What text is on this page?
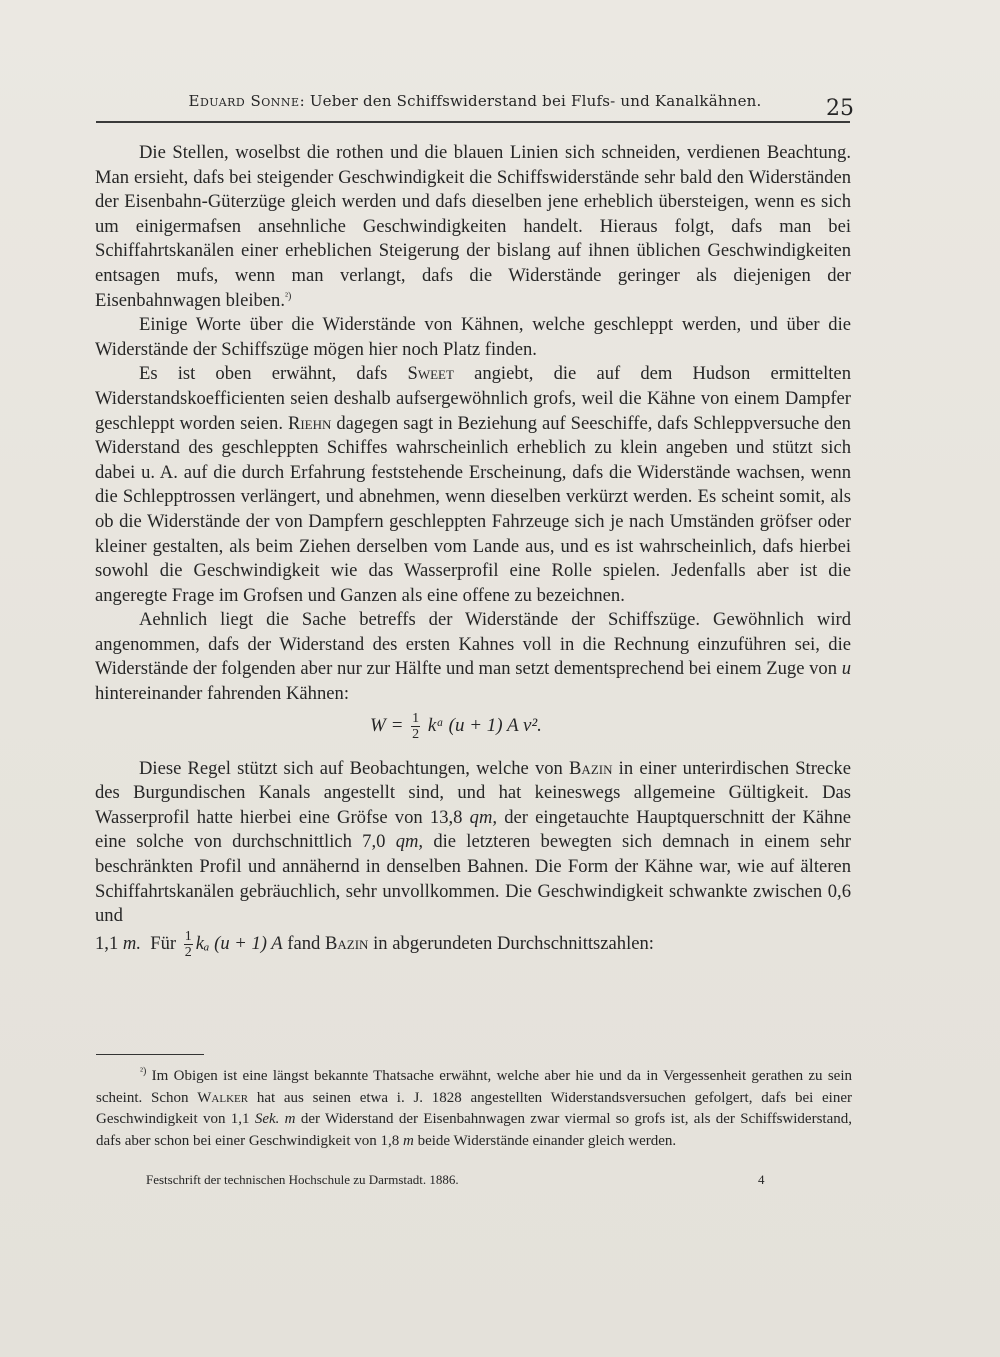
Eduard Sonne: Ueber den Schiffswiderstand bei Flufs- und Kanalkähnen.	25

Die Stellen, woselbst die rothen und die blauen Linien sich schneiden, verdienen Beachtung. Man ersieht, dafs bei steigender Geschwindigkeit die Schiffswiderstände sehr bald den Widerständen der Eisenbahn-Güterzüge gleich werden und dafs dieselben jene erheblich übersteigen, wenn es sich um einigermafsen ansehnliche Geschwindigkeiten handelt. Hieraus folgt, dafs man bei Schiffahrtskanälen einer erheblichen Steigerung der bislang auf ihnen üblichen Geschwindigkeiten entsagen mufs, wenn man verlangt, dafs die Widerstände geringer als diejenigen der Eisenbahnwagen bleiben.$^{^2)}$

Einige Worte über die Widerstände von Kähnen, welche geschleppt werden, und über die Widerstände der Schiffszüge mögen hier noch Platz finden.

Es ist oben erwähnt, dafs Sweet angiebt, die auf dem Hudson ermittelten Widerstandskoefficienten seien deshalb aufsergewöhnlich grofs, weil die Kähne von einem Dampfer geschleppt worden seien. Riehn dagegen sagt in Beziehung auf Seeschiffe, dafs Schleppversuche den Widerstand des geschleppten Schiffes wahrscheinlich erheblich zu klein angeben und stützt sich dabei u. A. auf die durch Erfahrung feststehende Erscheinung, dafs die Widerstände wachsen, wenn die Schlepptrossen verlängert, und abnehmen, wenn dieselben verkürzt werden. Es scheint somit, als ob die Widerstände der von Dampfern geschleppten Fahrzeuge sich je nach Umständen gröfser oder kleiner gestalten, als beim Ziehen derselben vom Lande aus, und es ist wahrscheinlich, dafs hierbei sowohl die Geschwindigkeit wie das Wasserprofil eine Rolle spielen. Jedenfalls aber ist die angeregte Frage im Grofsen und Ganzen als eine offene zu bezeichnen.

Aehnlich liegt die Sache betreffs der Widerstände der Schiffszüge. Gewöhnlich wird angenommen, dafs der Widerstand des ersten Kahnes voll in die Rechnung einzuführen sei, die Widerstände der folgenden aber nur zur Hälfte und man setzt dementsprechend bei einem Zuge von u hintereinander fahrenden Kähnen:

$W = \frac{1}{2}$ kᵃ (u + 1) A v².

Diese Regel stützt sich auf Beobachtungen, welche von Bazin in einer unterirdischen Strecke des Burgundischen Kanals angestellt sind, und hat keineswegs allgemeine Gültigkeit. Das Wasserprofil hatte hierbei eine Gröfse von 13,8 qm, der eingetauchte Hauptquerschnitt der Kähne eine solche von durchschnittlich 7,0 qm, die letzteren bewegten sich demnach in einem sehr beschränkten Profil und annähernd in denselben Bahnen. Die Form der Kähne war, wie auf älteren Schiffahrtskanälen gebräuchlich, sehr unvollkommen. Die Geschwindigkeit schwankte zwischen 0,6 und

1,1 m. Für $\frac{1}{2}$ kₐ (u + 1) A fand Bazin in abgerundeten Durchschnittszahlen:

$^{^2)}$ Im Obigen ist eine längst bekannte Thatsache erwähnt, welche aber hie und da in Vergessenheit gerathen zu sein scheint. Schon Walker hat aus seinen etwa i. J. 1828 angestellten Widerstandsversuchen gefolgert, dafs bei einer Geschwindigkeit von 1,1 Sek. m der Widerstand der Eisenbahnwagen zwar viermal so grofs ist, als der Schiffswiderstand, dafs aber schon bei einer Geschwindigkeit von 1,8 m beide Widerstände einander gleich werden.

Festschrift der technischen Hochschule zu Darmstadt. 1886.	4
